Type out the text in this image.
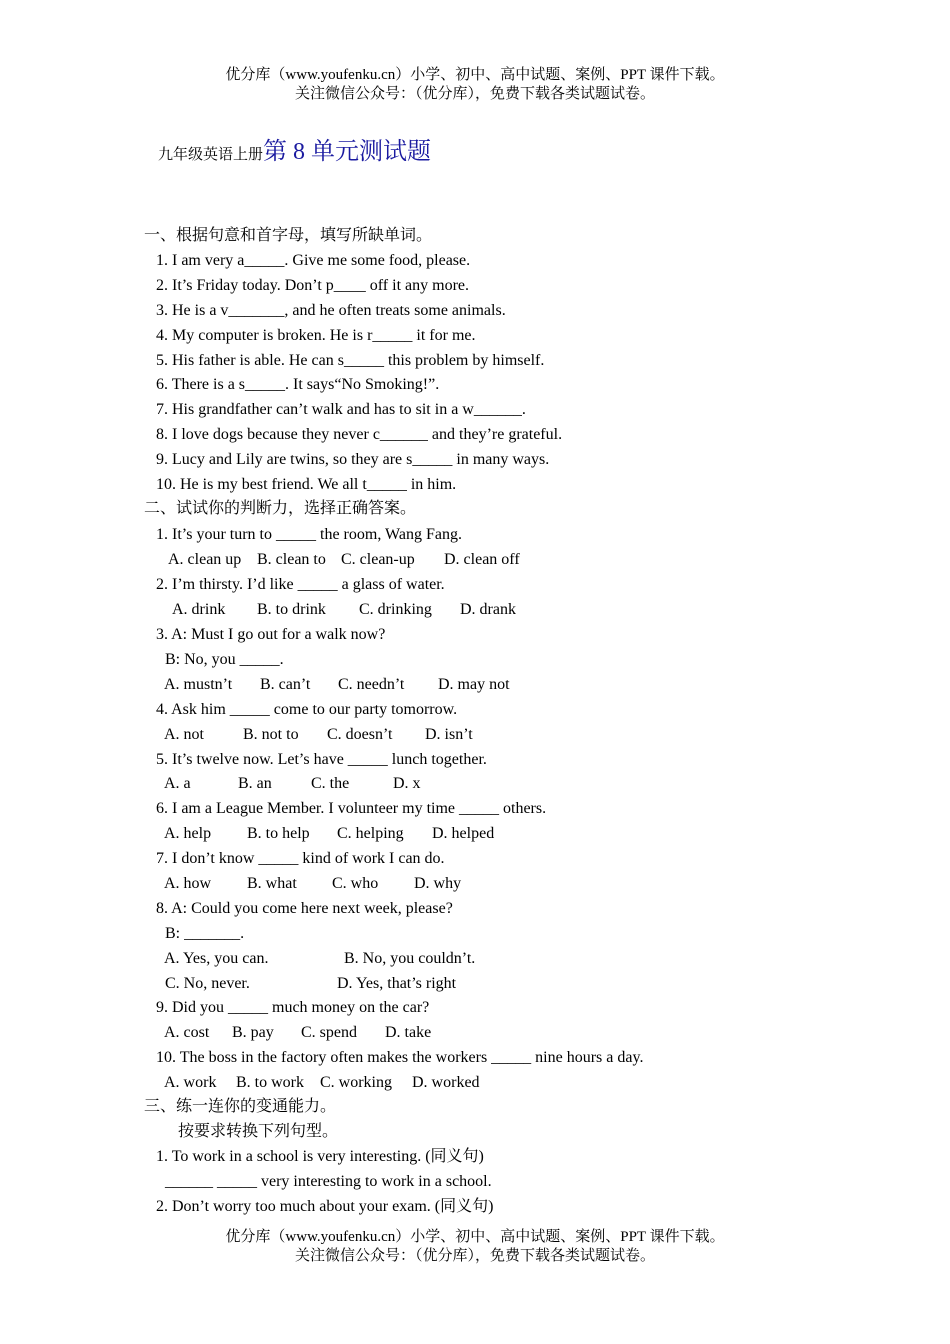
优分库（www.youfenku.cn）小学、初中、高中试题、案例、PPT 课件下载。
关注微信公众号：（优分库），免费下载各类试题试卷。
九年级英语上册第 8 单元测试题
一、根据句意和首字母，填写所缺单词。
1. I am very a_____. Give me some food, please.
2. It’s Friday today. Don’t p____ off it any more.
3. He is a v_______, and he often treats some animals.
4. My computer is broken. He is r_____ it for me.
5. His father is able. He can s_____ this problem by himself.
6. There is a s_____. It says“No Smoking!”.
7. His grandfather can’t walk and has to sit in a w______.
8. I love dogs because they never c______ and they’re grateful.
9. Lucy and Lily are twins, so they are s_____ in many ways.
10. He is my best friend. We all t_____ in him.
二、试试你的判断力，选择正确答案。
1. It’s your turn to _____ the room, Wang Fang.
A. clean up B. clean to C. clean-up D. clean off
2. I’m thirsty. I’d like _____ a glass of water.
A. drink B. to drink C. drinking D. drank
3. A: Must I go out for a walk now?
B: No, you _____.
A. mustn’t B. can’t C. needn’t D. may not
4. Ask him _____ come to our party tomorrow.
A. not B. not to C. doesn’t D. isn’t
5. It’s twelve now. Let’s have _____ lunch together.
A. a	B. an C. the	D. x
6. I am a League Member. I volunteer my time _____ others.
A. help B. to help C. helping D. helped
7. I don’t know _____ kind of work I can do.
A. how B. what C. who D. why
8. A: Could you come here next week, please?
B: _______.
A. Yes, you can.	B. No, you couldn’t.
C. No, never.	D. Yes, that’s right
9. Did you _____ much money on the car?
A. cost B. pay C. spend D. take
10. The boss in the factory often makes the workers _____ nine hours a day.
A. work B. to work C. working D. worked
三、练一连你的变通能力。
按要求转换下列句型。
1. To work in a school is very interesting. (同义句)
______ _____ very interesting to work in a school.
2. Don’t worry too much about your exam. (同义句)
优分库（www.youfenku.cn）小学、初中、高中试题、案例、PPT 课件下载。
关注微信公众号：（优分库），免费下载各类试题试卷。
